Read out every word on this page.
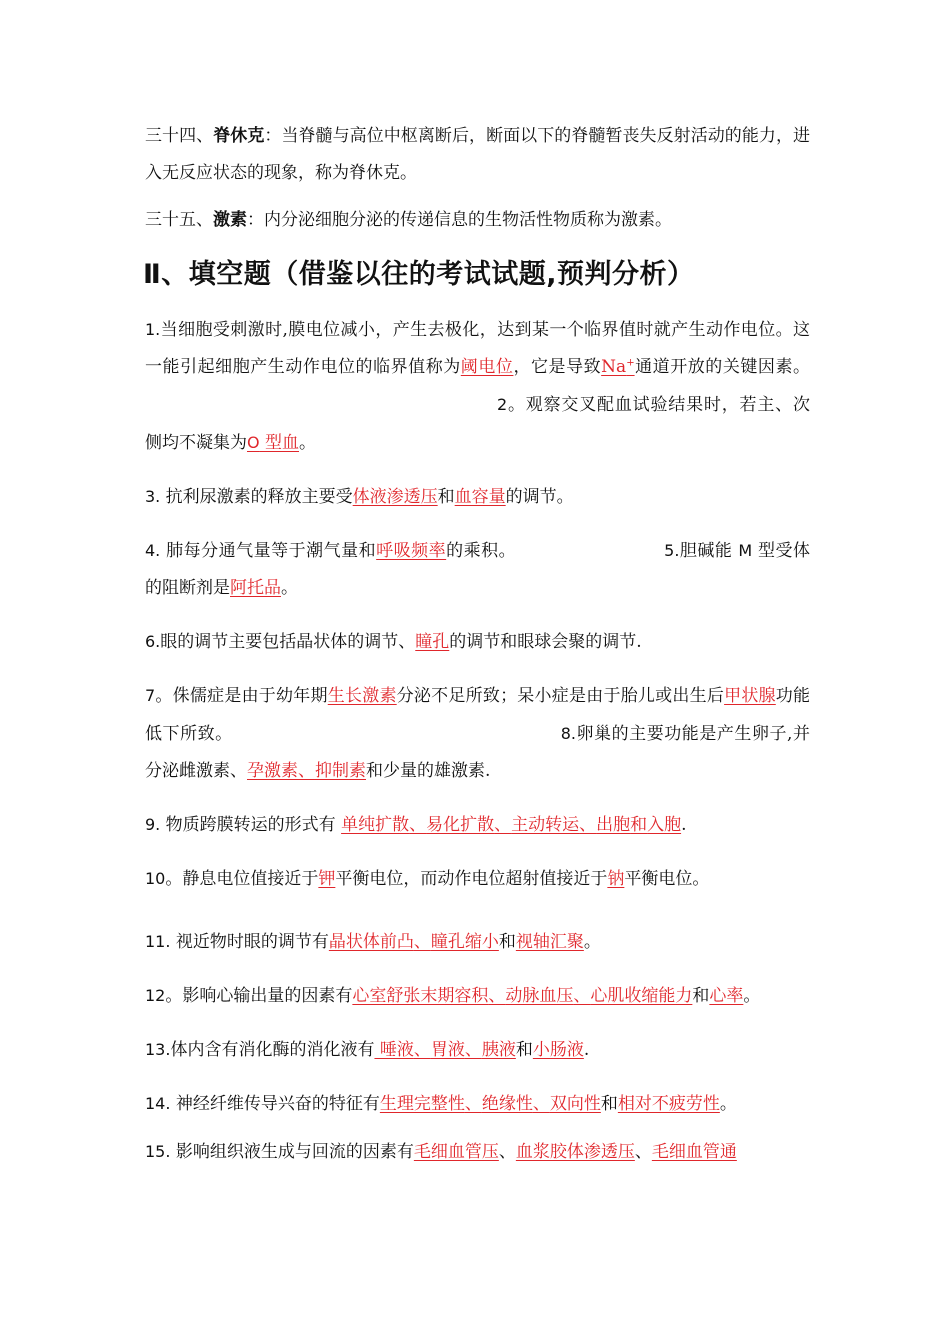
三十四、脊休克：当脊髓与高位中枢离断后，断面以下的脊髓暂丧失反射活动的能力，进入无反应状态的现象，称为脊休克。

三十五、激素：内分泌细胞分泌的传递信息的生物活性物质称为激素。

Ⅱ、填空题（借鉴以往的考试试题,预判分析）

1.当细胞受刺激时,膜电位减小，产生去极化，达到某一个临界值时就产生动作电位。这一能引起细胞产生动作电位的临界值称为阈电位，它是导致Na+通道开放的关键因素。2。观察交叉配血试验结果时，若主、次侧均不凝集为O 型血。

3. 抗利尿激素的释放主要受体液渗透压和血容量的调节。

4. 肺每分通气量等于潮气量和呼吸频率的乘积。	5.胆碱能 M 型受体的阻断剂是阿托品。

6.眼的调节主要包括晶状体的调节、瞳孔的调节和眼球会聚的调节.

7。侏儒症是由于幼年期生长激素分泌不足所致；呆小症是由于胎儿或出生后甲状腺功能低下所致。	8.卵巢的主要功能是产生卵子,并分泌雌激素、孕激素、抑制素和少量的雄激素.

9. 物质跨膜转运的形式有 单纯扩散、易化扩散、主动转运、出胞和入胞.

10。静息电位值接近于钾平衡电位，而动作电位超射值接近于钠平衡电位。

11. 视近物时眼的调节有晶状体前凸、瞳孔缩小和视轴汇聚。

12。影响心输出量的因素有心室舒张末期容积、动脉血压、心肌收缩能力和心率。

13.体内含有消化酶的消化液有 唾液、胃液、胰液和小肠液.

14. 神经纤维传导兴奋的特征有生理完整性、绝缘性、双向性和相对不疲劳性。

15. 影响组织液生成与回流的因素有毛细血管压、血浆胶体渗透压、毛细血管通
